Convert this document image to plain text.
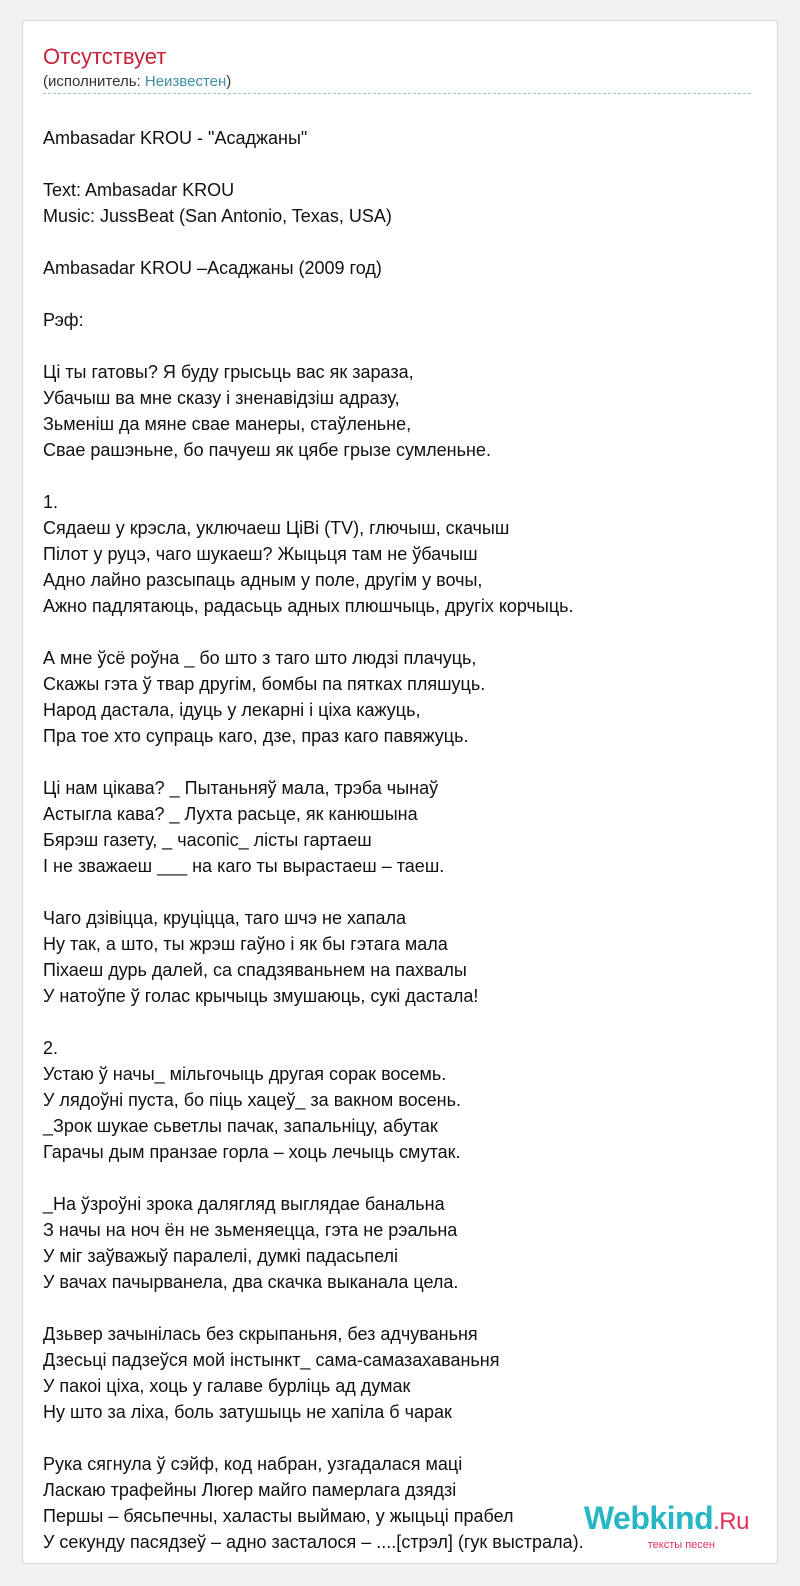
Отсутствует
(исполнитель: Неизвестен)
Ambasadar KROU - "Асаджаны"
Text: Ambasadar KROU
Music: JussBeat (San Antonio, Texas, USA)
Ambasadar KROU –Асаджаны (2009 год)
Рэф:
Ці ты гатовы? Я буду грысьць вас як зараза,
Убачыш ва мне сказу і зненавідзіш адразу,
Зьменіш да мяне свае манеры, стаўленьне,
Свае рашэньне, бо пачуеш як цябе грызе сумленьне.
1.
Сядаеш у крэсла, уключаеш ЦіВі (TV), глючыш, скачыш
Пілот у руцэ, чаго шукаеш? Жыцьця там не ўбачыш
Адно лайно разсыпаць адным у поле, другім у вочы,
Ажно падлятаюць, радасьць адных плюшчыць, другіх корчыць.
А мне ўсё роўна _ бо што з таго што людзі плачуць,
Скажы гэта ў твар другім, бомбы па пятках пляшуць.
Народ дастала, ідуць у лекарні і ціха кажуць,
Пра тое хто супраць каго, дзе, праз каго павяжуць.
Ці нам цікава? _ Пытаньняў мала, трэба чынаў
Астыгла кава? _ Лухта расьце, як канюшына
Бярэш газету, _ часопіс_ лісты гартаеш
І не зважаеш ___ на каго ты вырастаеш – таеш.
Чаго дзівіцца, круціцца, таго шчэ не хапала
Ну так, а што, ты жрэш гаўно і як бы гэтага мала
Піхаеш дурь далей, са спадзяваньнем на пахвалы
У натоўпе ў голас крычыць змушаюць, сукі дастала!
2.
Устаю ў начы_ мільгочыць другая сорак восемь.
У лядоўні пуста, бо піць хацеў_ за вакном восень.
_Зрок шукае сьветлы пачак, запальніцу, абутак
Гарачы дым пранзае горла – хоць лечыць смутак.
_На ўзроўні зрока далягляд выглядае банальна
З начы на ноч ён не зьменяецца, гэта не рэальна
У міг заўважыў паралелі, думкі падасьпелі
У вачах пачырванела, два скачка выканала цела.
Дзьвер зачынілась без скрыпаньня, без адчуваньня
Дзесьці падзеўся мой інстынкт_ сама-самазахаваньня
У пакоі ціха, хоць у галаве бурліць ад думак
Ну што за ліха, боль затушыць не хапіла б чарак
Рука сягнула ў сэйф, код набран, узгадалася маці
Ласкаю трафейны Люгер майго памерлага дзядзі
Першы – бясьпечны, халасты выймаю, у жыцьці прабел
У секунду пасядзеў – адно засталося – ....[стрэл] (гук выстрала).
Webkind.Ru
тексты песен
